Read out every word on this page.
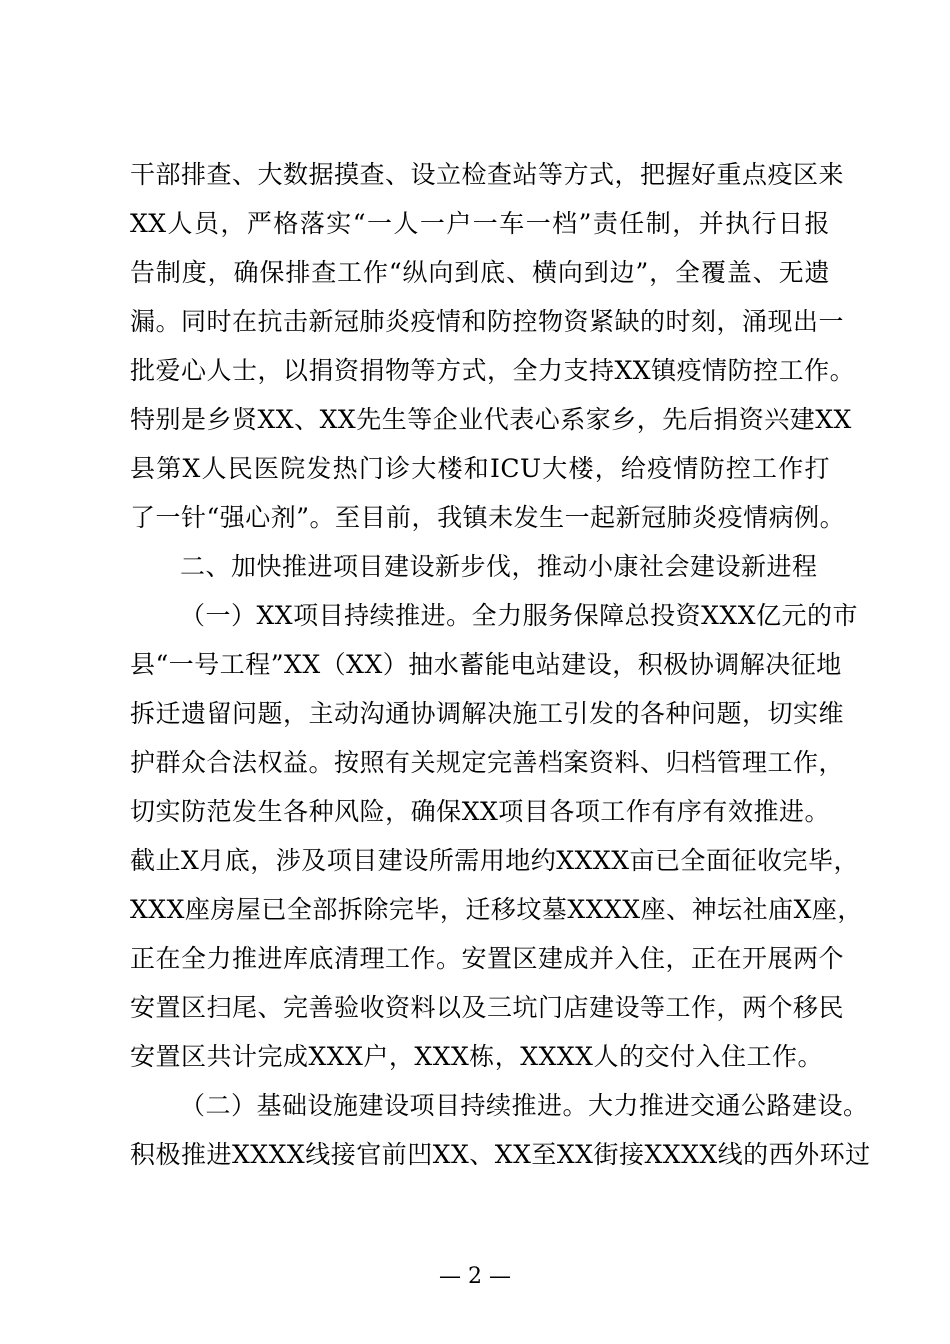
干部排查、大数据摸查、设立检查站等方式，把握好重点疫区来
XX人员，严格落实“一人一户一车一档”责任制，并执行日报
告制度，确保排查工作“纵向到底、横向到边”，全覆盖、无遗
漏。同时在抗击新冠肺炎疫情和防控物资紧缺的时刻，涌现出一
批爱心人士，以捐资捐物等方式，全力支持XX镇疫情防控工作。
特别是乡贤XX、XX先生等企业代表心系家乡，先后捐资兴建XX
县第X人民医院发热门诊大楼和ICU大楼，给疫情防控工作打
了一针“强心剂”。至目前，我镇未发生一起新冠肺炎疫情病例。
二、加快推进项目建设新步伐，推动小康社会建设新进程
（一）XX项目持续推进。全力服务保障总投资XXX亿元的市
县“一号工程”XX（XX）抽水蓄能电站建设，积极协调解决征地
拆迁遗留问题，主动沟通协调解决施工引发的各种问题，切实维
护群众合法权益。按照有关规定完善档案资料、归档管理工作，
切实防范发生各种风险，确保XX项目各项工作有序有效推进。
截止X月底，涉及项目建设所需用地约XXXX亩已全面征收完毕，
XXX座房屋已全部拆除完毕，迁移坟墓XXXX座、神坛社庙X座，
正在全力推进库底清理工作。安置区建成并入住，正在开展两个
安置区扫尾、完善验收资料以及三坑门店建设等工作，两个移民
安置区共计完成XXX户，XXX栋，XXXX人的交付入住工作。
（二）基础设施建设项目持续推进。大力推进交通公路建设。
积极推进XXXX线接官前凹XX、XX至XX街接XXXX线的西外环过
— 2 —
